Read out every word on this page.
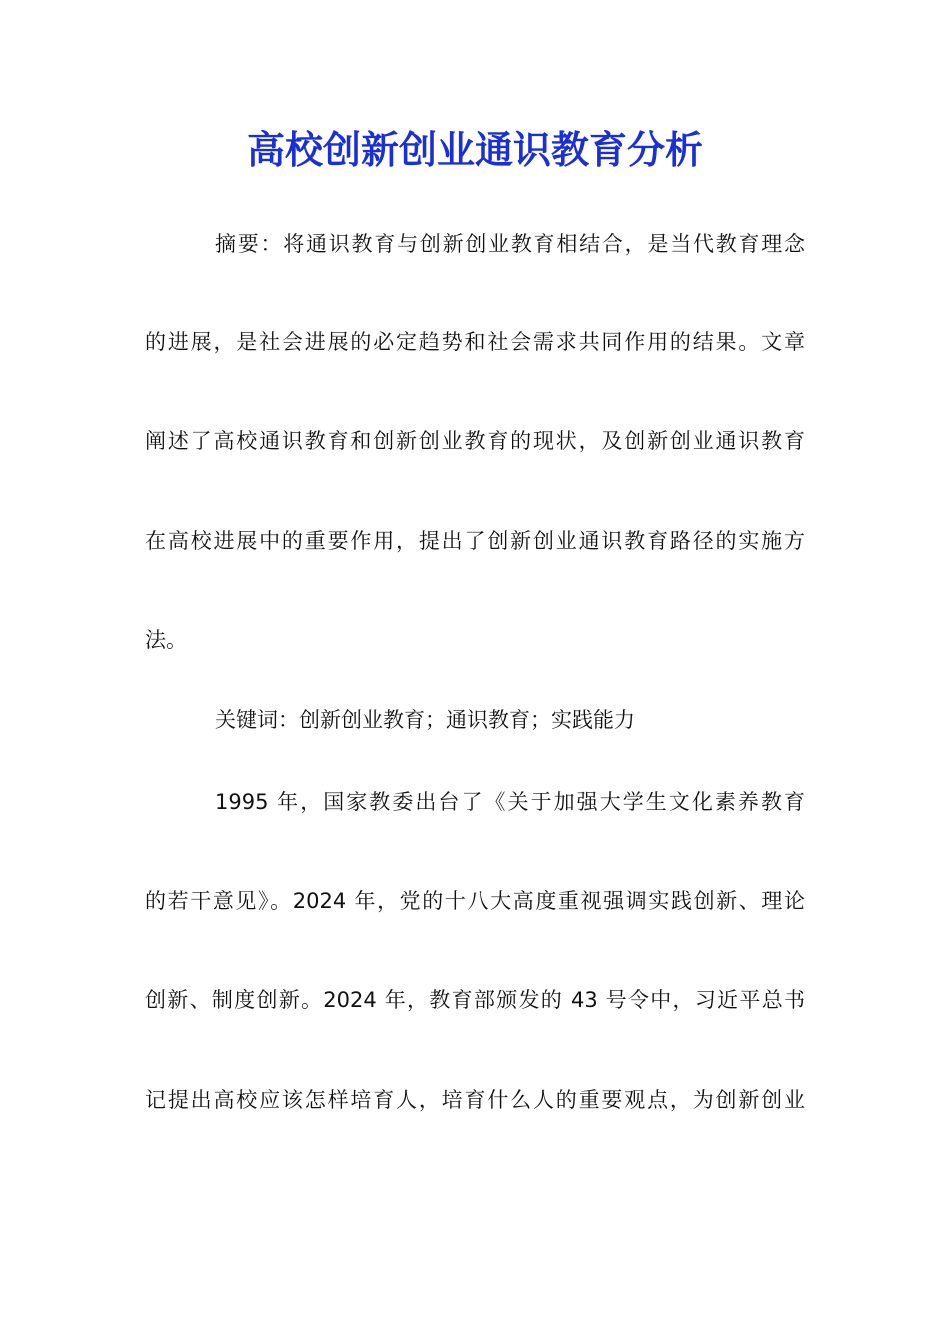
高校创新创业通识教育分析
摘要：将通识教育与创新创业教育相结合，是当代教育理念
的进展，是社会进展的必定趋势和社会需求共同作用的结果。文章
阐述了高校通识教育和创新创业教育的现状，及创新创业通识教育
在高校进展中的重要作用，提出了创新创业通识教育路径的实施方
法。
关键词：创新创业教育；通识教育；实践能力
1995 年，国家教委出台了《关于加强大学生文化素养教育
的若干意见》。2024 年，党的十八大高度重视强调实践创新、理论
创新、制度创新。2024 年，教育部颁发的 43 号令中，习近平总书
记提出高校应该怎样培育人，培育什么人的重要观点，为创新创业
